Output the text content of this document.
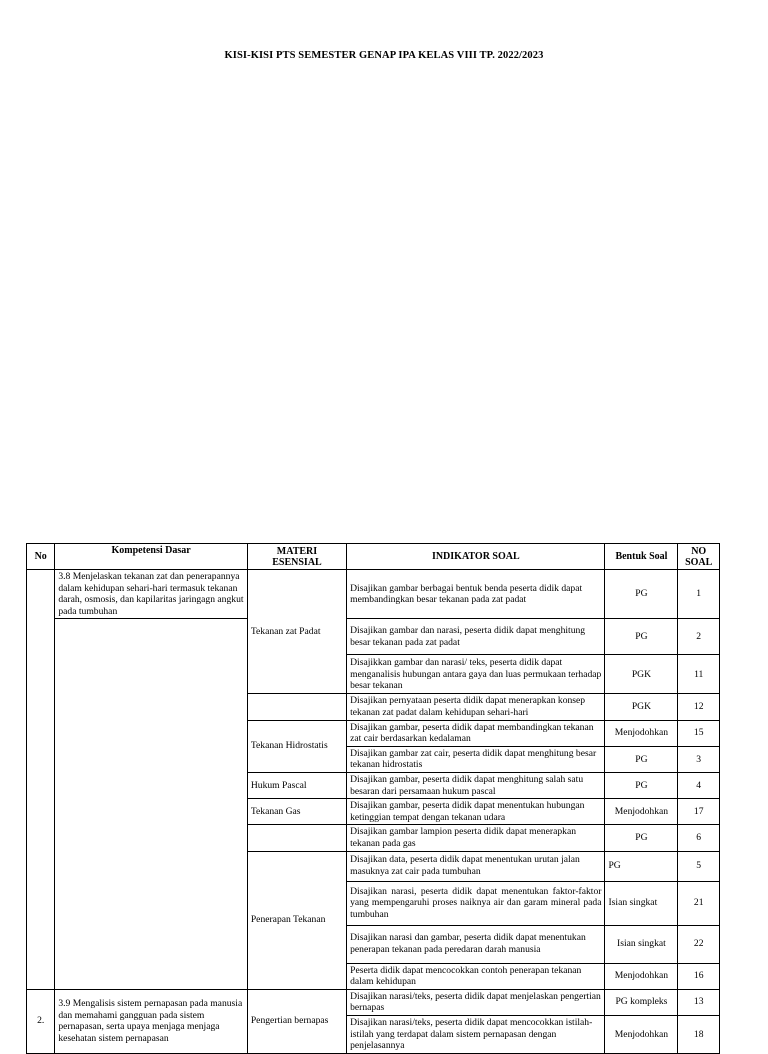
KISI-KISI PTS SEMESTER GENAP IPA KELAS VIII TP. 2022/2023
No	Kompetensi Dasar	MATERI ESENSIAL	INDIKATOR SOAL	Bentuk Soal	NO SOAL
	3.8 Menjelaskan tekanan zat dan penerapannya dalam kehidupan sehari-hari termasuk tekanan darah, osmosis, dan kapilaritas jaringagn angkut pada tumbuhan	Tekanan zat Padat	Disajikan gambar berbagai bentuk benda peserta didik dapat membandingkan besar tekanan pada zat padat	PG	1
			Disajikan gambar dan narasi, peserta didik dapat menghitung besar tekanan pada zat padat	PG	2
			Disajikkan gambar dan narasi/ teks, peserta didik dapat menganalisis hubungan antara gaya dan luas permukaan terhadap besar tekanan	PGK	11
			Disajikan pernyataan peserta didik dapat menerapkan konsep tekanan zat padat dalam kehidupan sehari-hari	PGK	12
		Tekanan Hidrostatis	Disajikan gambar, peserta didik dapat membandingkan tekanan zat cair berdasarkan kedalaman	Menjodohkan	15
			Disajikan gambar zat cair, peserta didik dapat menghitung besar tekanan hidrostatis	PG	3
		Hukum Pascal	Disajikan gambar, peserta didik dapat menghitung salah satu besaran dari persamaan hukum pascal	PG	4
		Tekanan Gas	Disajikan gambar, peserta didik dapat menentukan hubungan ketinggian tempat dengan tekanan udara	Menjodohkan	17
			Disajikan gambar lampion peserta didik dapat menerapkan tekanan pada gas	PG	6
		Penerapan Tekanan	Disajikan data, peserta didik dapat menentukan urutan jalan masuknya zat cair pada tumbuhan	PG	5
			Disajikan narasi, peserta didik dapat menentukan faktor-faktor yang mempengaruhi proses naiknya air dan garam mineral pada tumbuhan	Isian singkat	21
			Disajikan narasi dan gambar, peserta didik dapat menentukan penerapan tekanan pada peredaran darah manusia	Isian singkat	22
			Peserta didik dapat mencocokkan contoh penerapan tekanan dalam kehidupan	Menjodohkan	16
2.	3.9 Mengalisis sistem pernapasan pada manusia dan memahami gangguan pada sistem pernapasan, serta upaya menjaga menjaga kesehatan sistem pernapasan	Pengertian bernapas	Disajikan narasi/teks, peserta didik dapat menjelaskan pengertian bernapas	PG kompleks	13
			Disajikan narasi/teks, peserta didik dapat mencocokkan istilah-istilah yang terdapat dalam sistem pernapasan dengan penjelasannya	Menjodohkan	18
